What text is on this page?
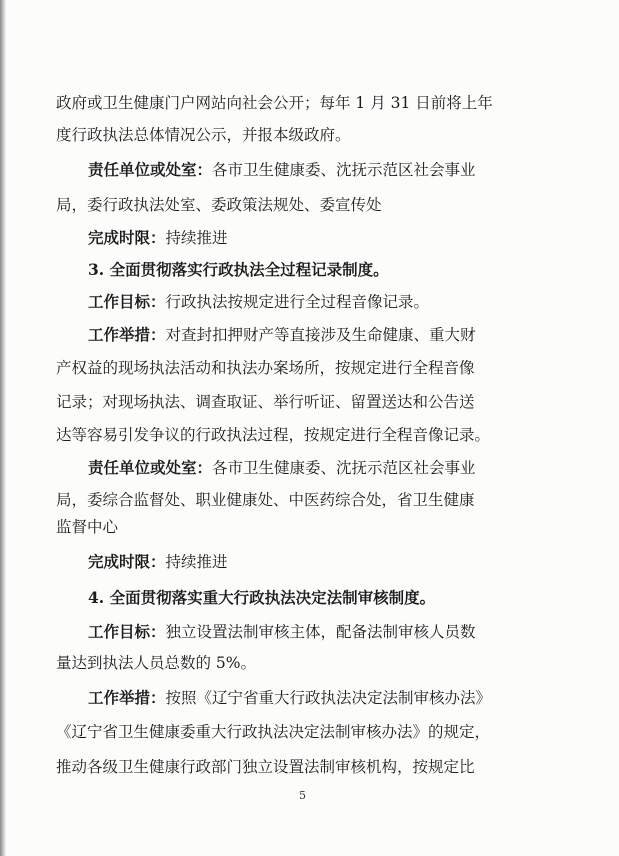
政府或卫生健康门户网站向社会公开；每年 1 月 31 日前将上年
度行政执法总体情况公示，并报本级政府。
责任单位或处室：各市卫生健康委、沈抚示范区社会事业
局，委行政执法处室、委政策法规处、委宣传处
完成时限：持续推进
3. 全面贯彻落实行政执法全过程记录制度。
工作目标：行政执法按规定进行全过程音像记录。
工作举措：对查封扣押财产等直接涉及生命健康、重大财
产权益的现场执法活动和执法办案场所，按规定进行全程音像
记录；对现场执法、调查取证、举行听证、留置送达和公告送
达等容易引发争议的行政执法过程，按规定进行全程音像记录。
责任单位或处室：各市卫生健康委、沈抚示范区社会事业
局，委综合监督处、职业健康处、中医药综合处，省卫生健康
监督中心
完成时限：持续推进
4. 全面贯彻落实重大行政执法决定法制审核制度。
工作目标：独立设置法制审核主体，配备法制审核人员数
量达到执法人员总数的 5%。
工作举措：按照《辽宁省重大行政执法决定法制审核办法》
《辽宁省卫生健康委重大行政执法决定法制审核办法》的规定，
推动各级卫生健康行政部门独立设置法制审核机构，按规定比
5
